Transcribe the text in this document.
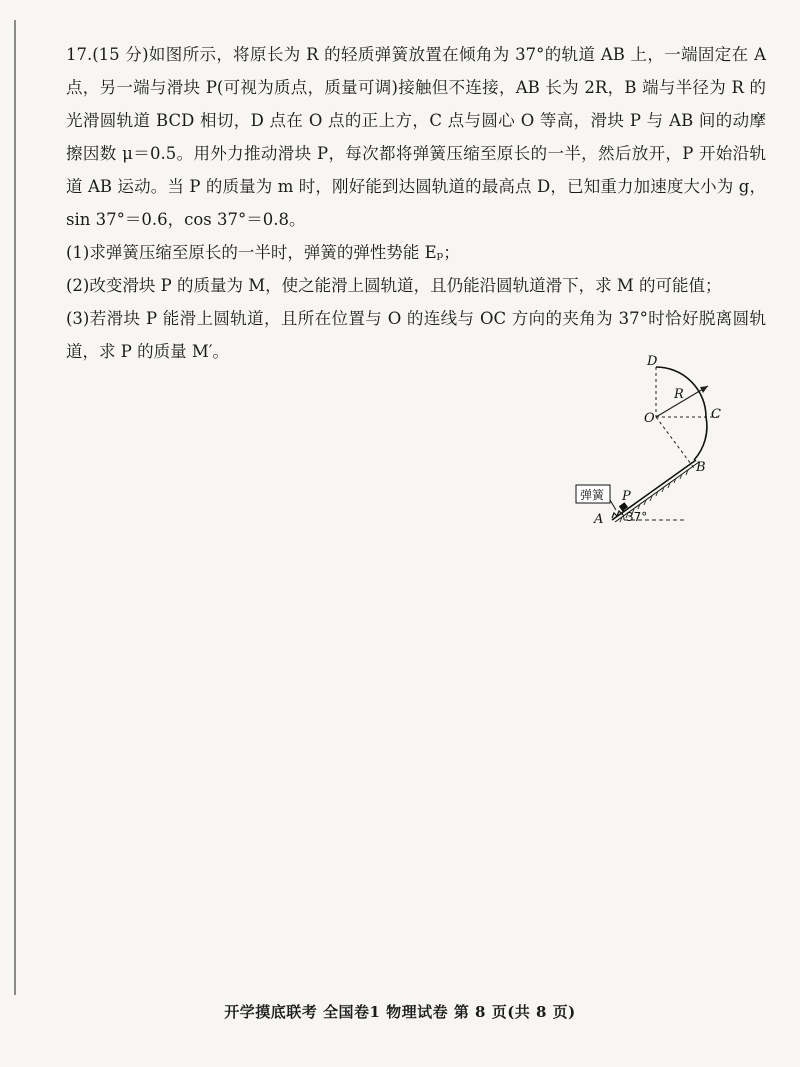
17.(15 分)如图所示，将原长为 R 的轻质弹簧放置在倾角为 37°的轨道 AB 上，一端固定在 A 点，另一端与滑块 P(可视为质点，质量可调)接触但不连接，AB 长为 2R，B 端与半径为 R 的光滑圆轨道 BCD 相切，D 点在 O 点的正上方，C 点与圆心 O 等高，滑块 P 与 AB 间的动摩擦因数 μ＝0.5。用外力推动滑块 P，每次都将弹簧压缩至原长的一半，然后放开，P 开始沿轨道 AB 运动。当 P 的质量为 m 时，刚好能到达圆轨道的最高点 D，已知重力加速度大小为 g，sin 37°＝0.6，cos 37°＝0.8。

(1)求弹簧压缩至原长的一半时，弹簧的弹性势能 Eₚ；

(2)改变滑块 P 的质量为 M，使之能滑上圆轨道，且仍能沿圆轨道滑下，求 M 的可能值；

(3)若滑块 P 能滑上圆轨道，且所在位置与 O 的连线与 OC 方向的夹角为 37°时恰好脱离圆轨道，求 P 的质量 M′。

弹簧
D
O
R
C
B
P
A 37°
开学摸底联考 全国卷1 物理试卷 第 8 页(共 8 页)
